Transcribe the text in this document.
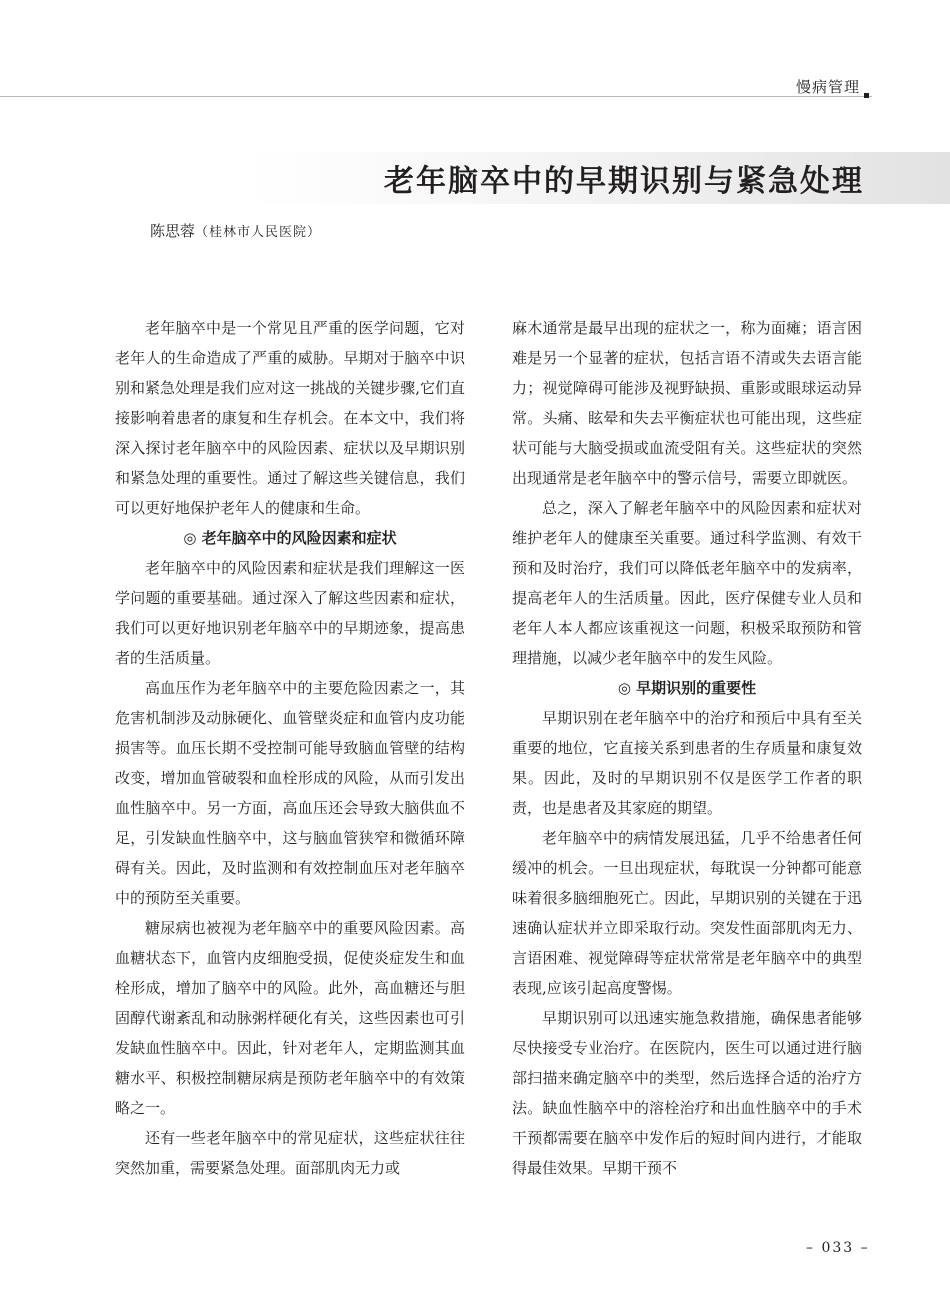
慢病管理
老年脑卒中的早期识别与紧急处理
陈思蓉（桂林市人民医院）

老年脑卒中是一个常见且严重的医学问题，它对老年人的生命造成了严重的威胁。早期对于脑卒中识别和紧急处理是我们应对这一挑战的关键步骤,它们直接影响着患者的康复和生存机会。在本文中，我们将深入探讨老年脑卒中的风险因素、症状以及早期识别和紧急处理的重要性。通过了解这些关键信息，我们可以更好地保护老年人的健康和生命。

◎ 老年脑卒中的风险因素和症状

老年脑卒中的风险因素和症状是我们理解这一医学问题的重要基础。通过深入了解这些因素和症状，我们可以更好地识别老年脑卒中的早期迹象，提高患者的生活质量。

高血压作为老年脑卒中的主要危险因素之一，其危害机制涉及动脉硬化、血管壁炎症和血管内皮功能损害等。血压长期不受控制可能导致脑血管壁的结构改变，增加血管破裂和血栓形成的风险，从而引发出血性脑卒中。另一方面，高血压还会导致大脑供血不足，引发缺血性脑卒中，这与脑血管狭窄和微循环障碍有关。因此，及时监测和有效控制血压对老年脑卒中的预防至关重要。

糖尿病也被视为老年脑卒中的重要风险因素。高血糖状态下，血管内皮细胞受损，促使炎症发生和血栓形成，增加了脑卒中的风险。此外，高血糖还与胆固醇代谢紊乱和动脉粥样硬化有关，这些因素也可引发缺血性脑卒中。因此，针对老年人，定期监测其血糖水平、积极控制糖尿病是预防老年脑卒中的有效策略之一。

还有一些老年脑卒中的常见症状，这些症状往往突然加重，需要紧急处理。面部肌肉无力或

麻木通常是最早出现的症状之一，称为面瘫；语言困难是另一个显著的症状，包括言语不清或失去语言能力；视觉障碍可能涉及视野缺损、重影或眼球运动异常。头痛、眩晕和失去平衡症状也可能出现，这些症状可能与大脑受损或血流受阻有关。这些症状的突然出现通常是老年脑卒中的警示信号，需要立即就医。

总之，深入了解老年脑卒中的风险因素和症状对维护老年人的健康至关重要。通过科学监测、有效干预和及时治疗，我们可以降低老年脑卒中的发病率，提高老年人的生活质量。因此，医疗保健专业人员和老年人本人都应该重视这一问题，积极采取预防和管理措施，以减少老年脑卒中的发生风险。

◎ 早期识别的重要性

早期识别在老年脑卒中的治疗和预后中具有至关重要的地位，它直接关系到患者的生存质量和康复效果。因此，及时的早期识别不仅是医学工作者的职责，也是患者及其家庭的期望。

老年脑卒中的病情发展迅猛，几乎不给患者任何缓冲的机会。一旦出现症状，每耽误一分钟都可能意味着很多脑细胞死亡。因此，早期识别的关键在于迅速确认症状并立即采取行动。突发性面部肌肉无力、言语困难、视觉障碍等症状常常是老年脑卒中的典型表现,应该引起高度警惕。

早期识别可以迅速实施急救措施，确保患者能够尽快接受专业治疗。在医院内，医生可以通过进行脑部扫描来确定脑卒中的类型，然后选择合适的治疗方法。缺血性脑卒中的溶栓治疗和出血性脑卒中的手术干预都需要在脑卒中发作后的短时间内进行，才能取得最佳效果。早期干预不

– 033 –
